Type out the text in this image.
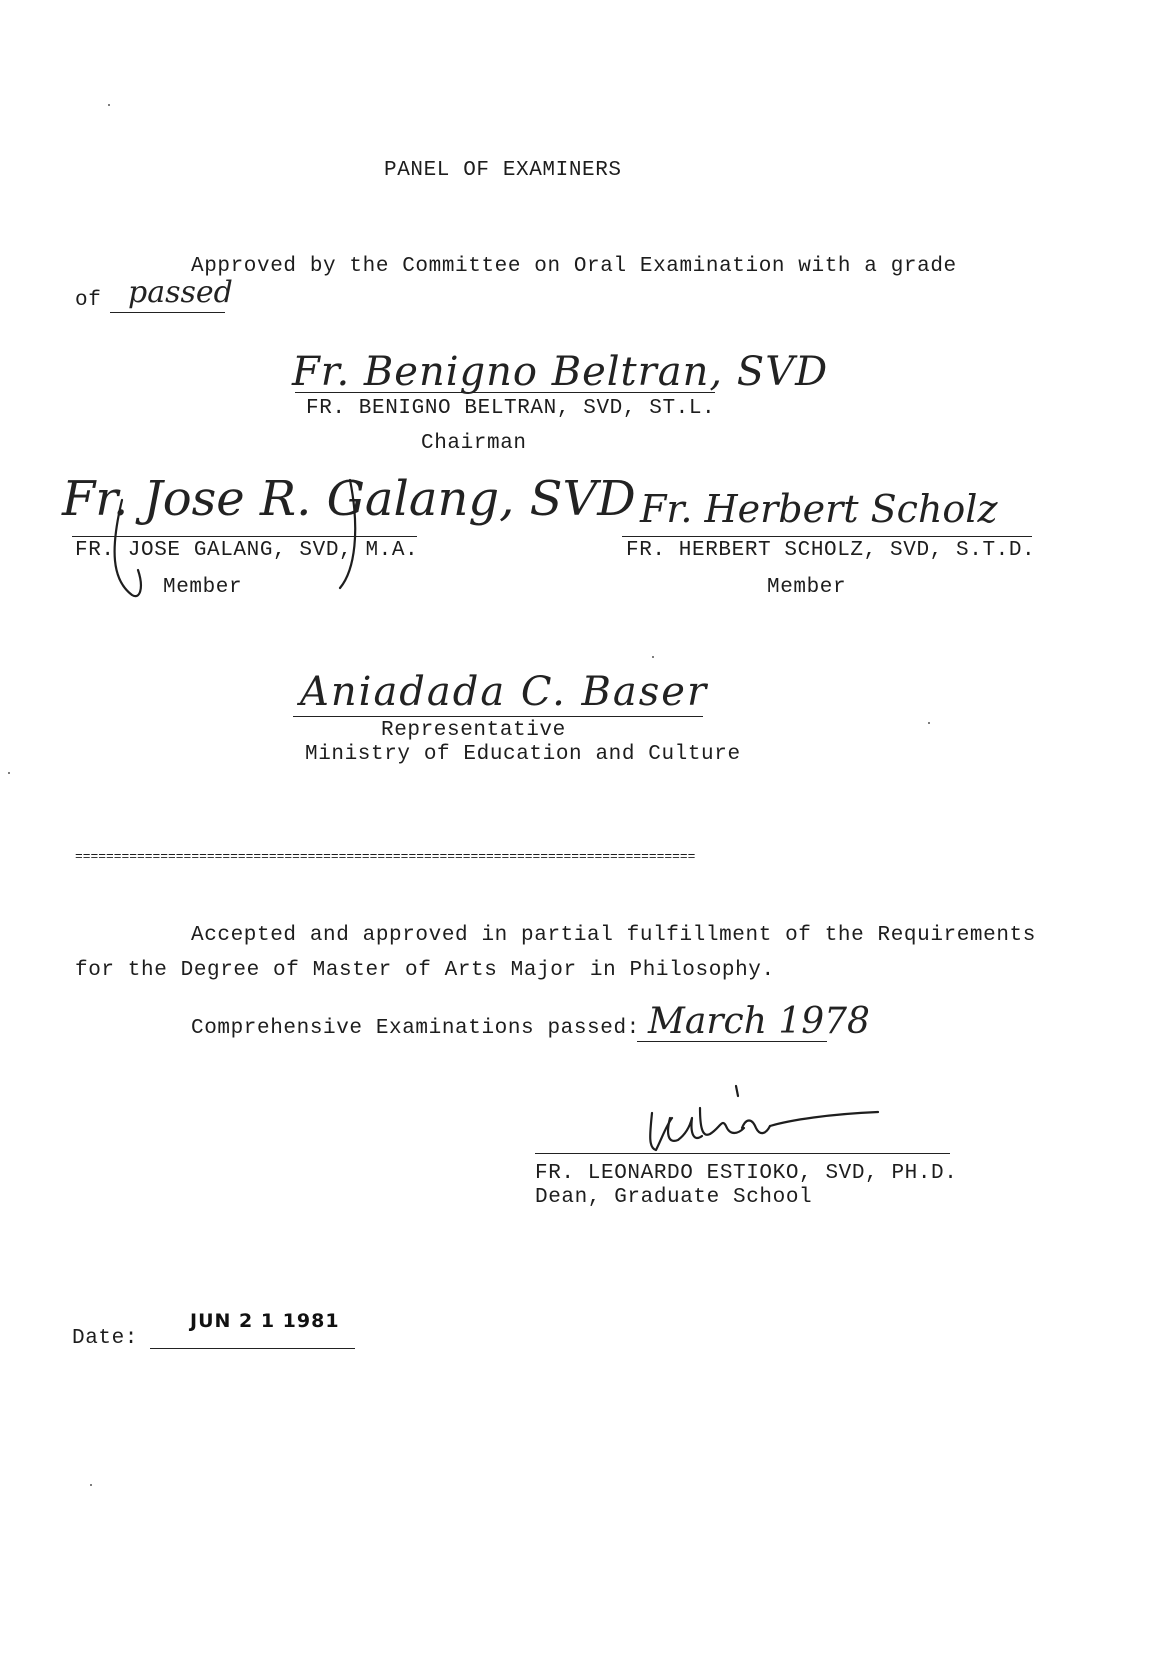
PANEL OF EXAMINERS
Approved by the Committee on Oral Examination with a grade
of passed
Fr. Benigno Beltran, SVD
FR. BENIGNO BELTRAN, SVD, ST.L.
Chairman
Fr. Jose R. Galang, SVD
FR. JOSE GALANG, SVD, M.A.
Member
Fr. Herbert Scholz
FR. HERBERT SCHOLZ, SVD, S.T.D.
Member
Aniadada C. Baser
Representative
Ministry of Education and Culture
================================================================================
Accepted and approved in partial fulfillment of the Requirements
for the Degree of Master of Arts Major in Philosophy.
Comprehensive Examinations passed: March 1978
FR. LEONARDO ESTIOKO, SVD, PH.D.
Dean, Graduate School
Date:
JUN 2 1 1981
